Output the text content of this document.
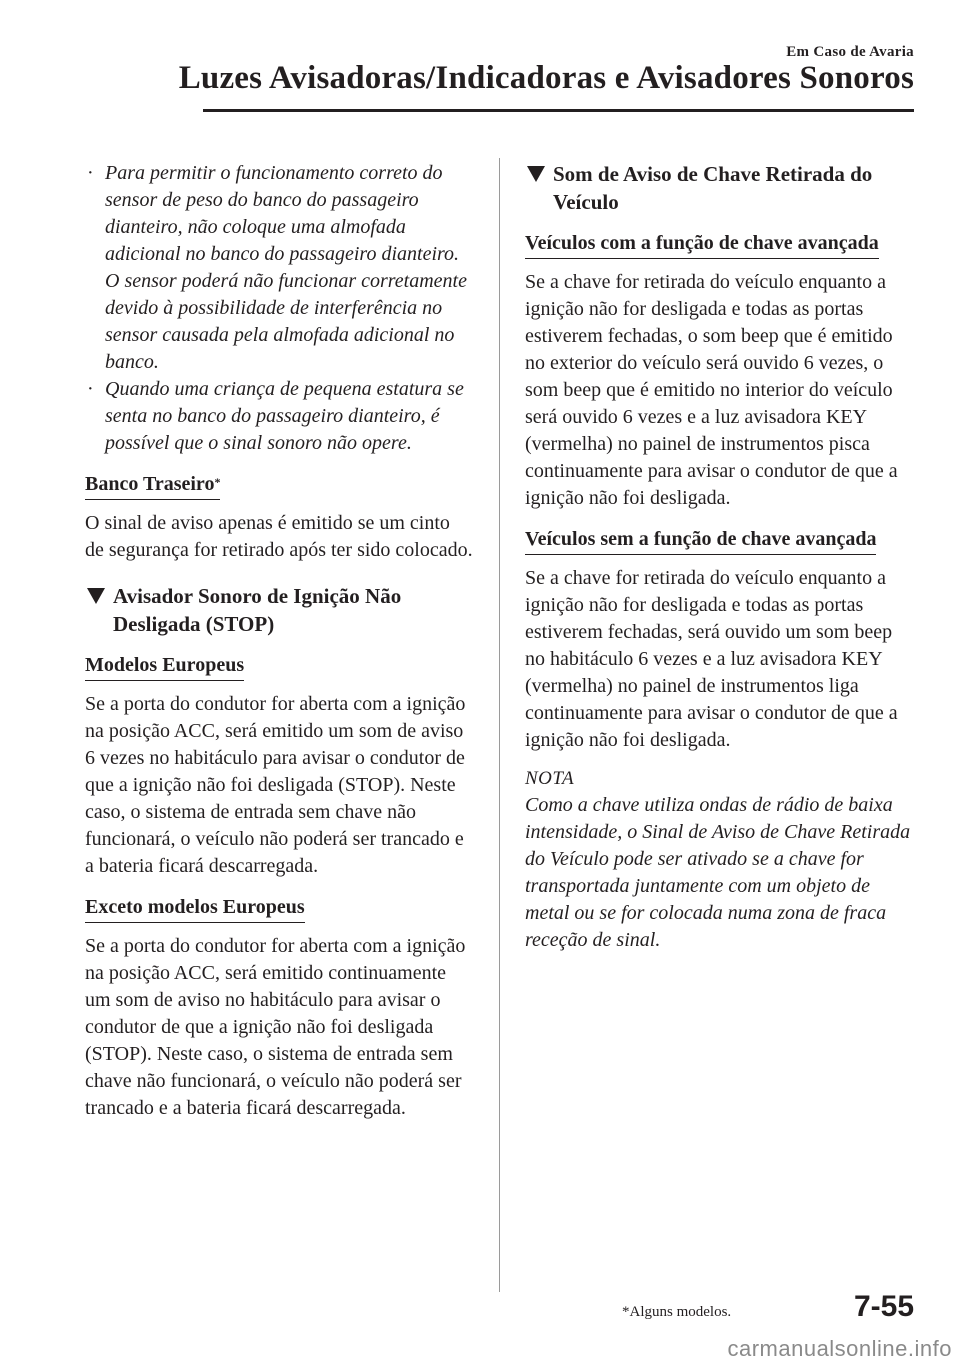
Em Caso de Avaria
Luzes Avisadoras/Indicadoras e Avisadores Sonoros
· Para permitir o funcionamento correto do sensor de peso do banco do passageiro dianteiro, não coloque uma almofada adicional no banco do passageiro dianteiro. O sensor poderá não funcionar corretamente devido à possibilidade de interferência no sensor causada pela almofada adicional no banco.
· Quando uma criança de pequena estatura se senta no banco do passageiro dianteiro, é possível que o sinal sonoro não opere.
Banco Traseiro*

O sinal de aviso apenas é emitido se um cinto de segurança for retirado após ter sido colocado.

Avisador Sonoro de Ignição Não Desligada (STOP)
Modelos Europeus

Se a porta do condutor for aberta com a ignição na posição ACC, será emitido um som de aviso 6 vezes no habitáculo para avisar o condutor de que a ignição não foi desligada (STOP). Neste caso, o sistema de entrada sem chave não funcionará, o veículo não poderá ser trancado e a bateria ficará descarregada.

Exceto modelos Europeus

Se a porta do condutor for aberta com a ignição na posição ACC, será emitido continuamente um som de aviso no habitáculo para avisar o condutor de que a ignição não foi desligada (STOP). Neste caso, o sistema de entrada sem chave não funcionará, o veículo não poderá ser trancado e a bateria ficará descarregada.

Som de Aviso de Chave Retirada do Veículo
Veículos com a função de chave avançada

Se a chave for retirada do veículo enquanto a ignição não for desligada e todas as portas estiverem fechadas, o som beep que é emitido no exterior do veículo será ouvido 6 vezes, o som beep que é emitido no interior do veículo será ouvido 6 vezes e a luz avisadora KEY (vermelha) no painel de instrumentos pisca continuamente para avisar o condutor de que a ignição não foi desligada.

Veículos sem a função de chave avançada

Se a chave for retirada do veículo enquanto a ignição não for desligada e todas as portas estiverem fechadas, será ouvido um som beep no habitáculo 6 vezes e a luz avisadora KEY (vermelha) no painel de instrumentos liga continuamente para avisar o condutor de que a ignição não foi desligada.

NOTA

Como a chave utiliza ondas de rádio de baixa intensidade, o Sinal de Aviso de Chave Retirada do Veículo pode ser ativado se a chave for transportada juntamente com um objeto de metal ou se for colocada numa zona de fraca receção de sinal.

*Alguns modelos.	7-55
carmanualsonline.info
